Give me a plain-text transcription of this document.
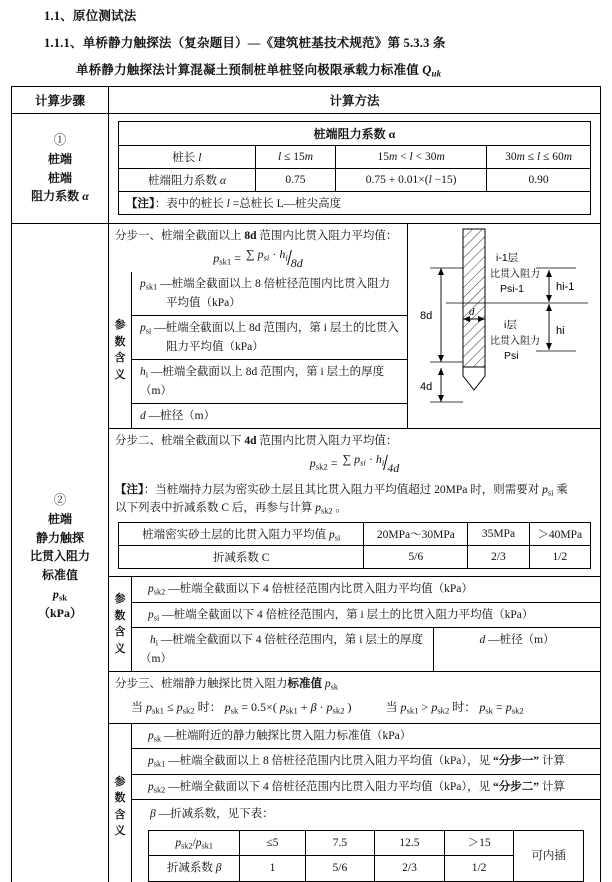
1.1、原位测试法
1.1.1、单桥静力触探法（复杂题目）—《建筑桩基技术规范》第 5.3.3 条
单桥静力触探法计算混凝土预制桩单桩竖向极限承载力标准值 $Q_{uk}$
计算步骤	计算方法

①
桩端
桩端
阻力系数 α

桩端阻力系数 α
桩长 l	l ≤ 15m	15m < l < 30m	30m ≤ l ≤ 60m
桩端阻力系数 α	0.75	0.75 + 0.01×(l −15)	0.90
【注】：表中的桩长 l =总桩长 L—桩尖高度

②
桩端
静力触探
比贯入阻力
标准值
$p_{sk}$
（kPa）

分步一、桩端全截面以上 8d 范围内比贯入阻力平均值：
$p_{sk1}$ = ∑ $p_{si} \cdot h_i$ 8d
参
数
含
义
$p_{sk1}$ —桩端全截面以上 8 倍桩径范围内比贯入阻力
平均值（kPa）
$p_{si}$ —桩端全截面以上 8d 范围内，第 i 层土的比贯入
阻力平均值（kPa）
$h_i$ —桩端全截面以上 8d 范围内，第 i 层土的厚度（m）
d —桩径（m）
8d
4d
d
i-1层
比贯入阻力
Psi-1
i层
比贯入阻力
Psi
hi-1
hi
分步二、桩端全截面以下 4d 范围内比贯入阻力平均值：
$p_{sk2}$ = ∑ $p_{si} \cdot h_i$ 4d
【注】：当桩端持力层为密实砂土层且其比贯入阻力平均值超过 20MPa 时，则需要对 $p_{si}$ 乘
以下列表中折减系数 C 后，再参与计算 $p_{sk2}$ 。
桩端密实砂土层的比贯入阻力平均值 $p_{si}$	20MPa～30MPa	35MPa	＞40MPa
折减系数 C	5/6	2/3	1/2
参
数
含
义
$p_{sk2}$ —桩端全截面以下 4 倍桩径范围内比贯入阻力平均值（kPa）
$p_{si}$ —桩端全截面以下 4 倍桩径范围内，第 i 层土的比贯入阻力平均值（kPa）
$h_i$ —桩端全截面以下 4 倍桩径范围内，第 i 层土的厚度（m）
d —桩径（m）
分步三、桩端静力触探比贯入阻力标准值 $p_{sk}$
当 $p_{sk1} \le p_{sk2}$ 时： $p_{sk} = 0.5\times$( $p_{sk1} + \beta \cdot p_{sk2}$ )	当 $p_{sk1} > p_{sk2}$ 时： $p_{sk} = p_{sk2}$
参
数
含
义
$p_{sk}$ —桩端附近的静力触探比贯入阻力标准值（kPa）
$p_{sk1}$ —桩端全截面以上 8 倍桩径范围内比贯入阻力平均值（kPa），见 “分步一” 计算
$p_{sk2}$ —桩端全截面以下 4 倍桩径范围内比贯入阻力平均值（kPa），见 “分步二” 计算
β —折减系数，见下表：
$p_{sk2}/p_{sk1}$	≤5	7.5	12.5	＞15	可内插
折减系数 β	1	5/6	2/3	1/2
